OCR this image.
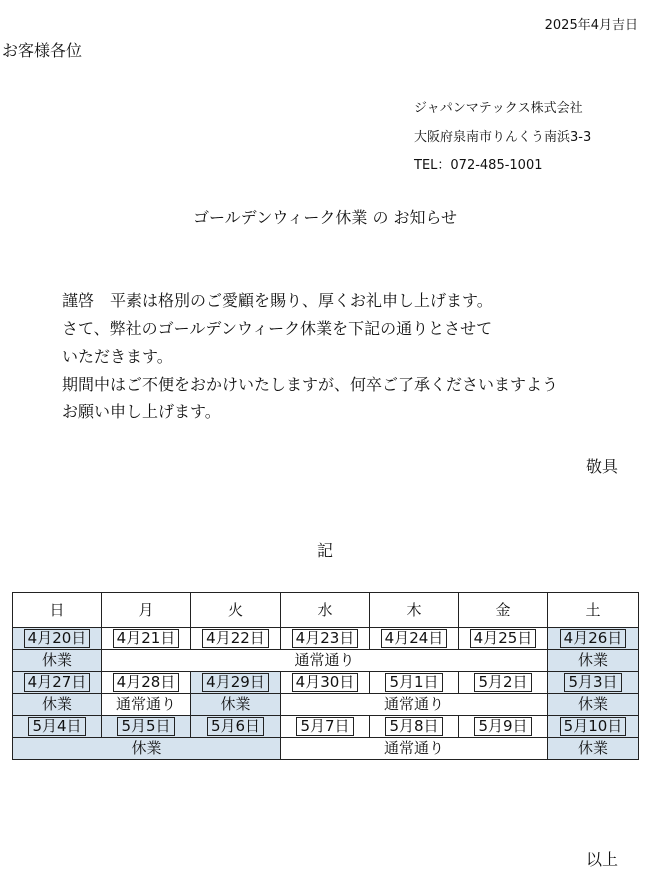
2025年4月吉日
お客様各位
ジャパンマテックス株式会社
大阪府泉南市りんくう南浜3-3
TEL：072-485-1001
ゴールデンウィーク休業 の お知らせ
謹啓　平素は格別のご愛顧を賜り、厚くお礼申し上げます。
さて、弊社のゴールデンウィーク休業を下記の通りとさせて
いただきます。
期間中はご不便をおかけいたしますが、何卒ご了承くださいますよう
お願い申し上げます。
敬具
記
日	月	火	水	木	金	土
4月20日	4月21日	4月22日	4月23日	4月24日	4月25日	4月26日
休業	通常通り					休業
4月27日	4月28日	4月29日	4月30日	5月1日	5月2日	5月3日
休業	通常通り	休業	通常通り			休業
5月4日	5月5日	5月6日	5月7日	5月8日	5月9日	5月10日
休業			通常通り			休業
以上
